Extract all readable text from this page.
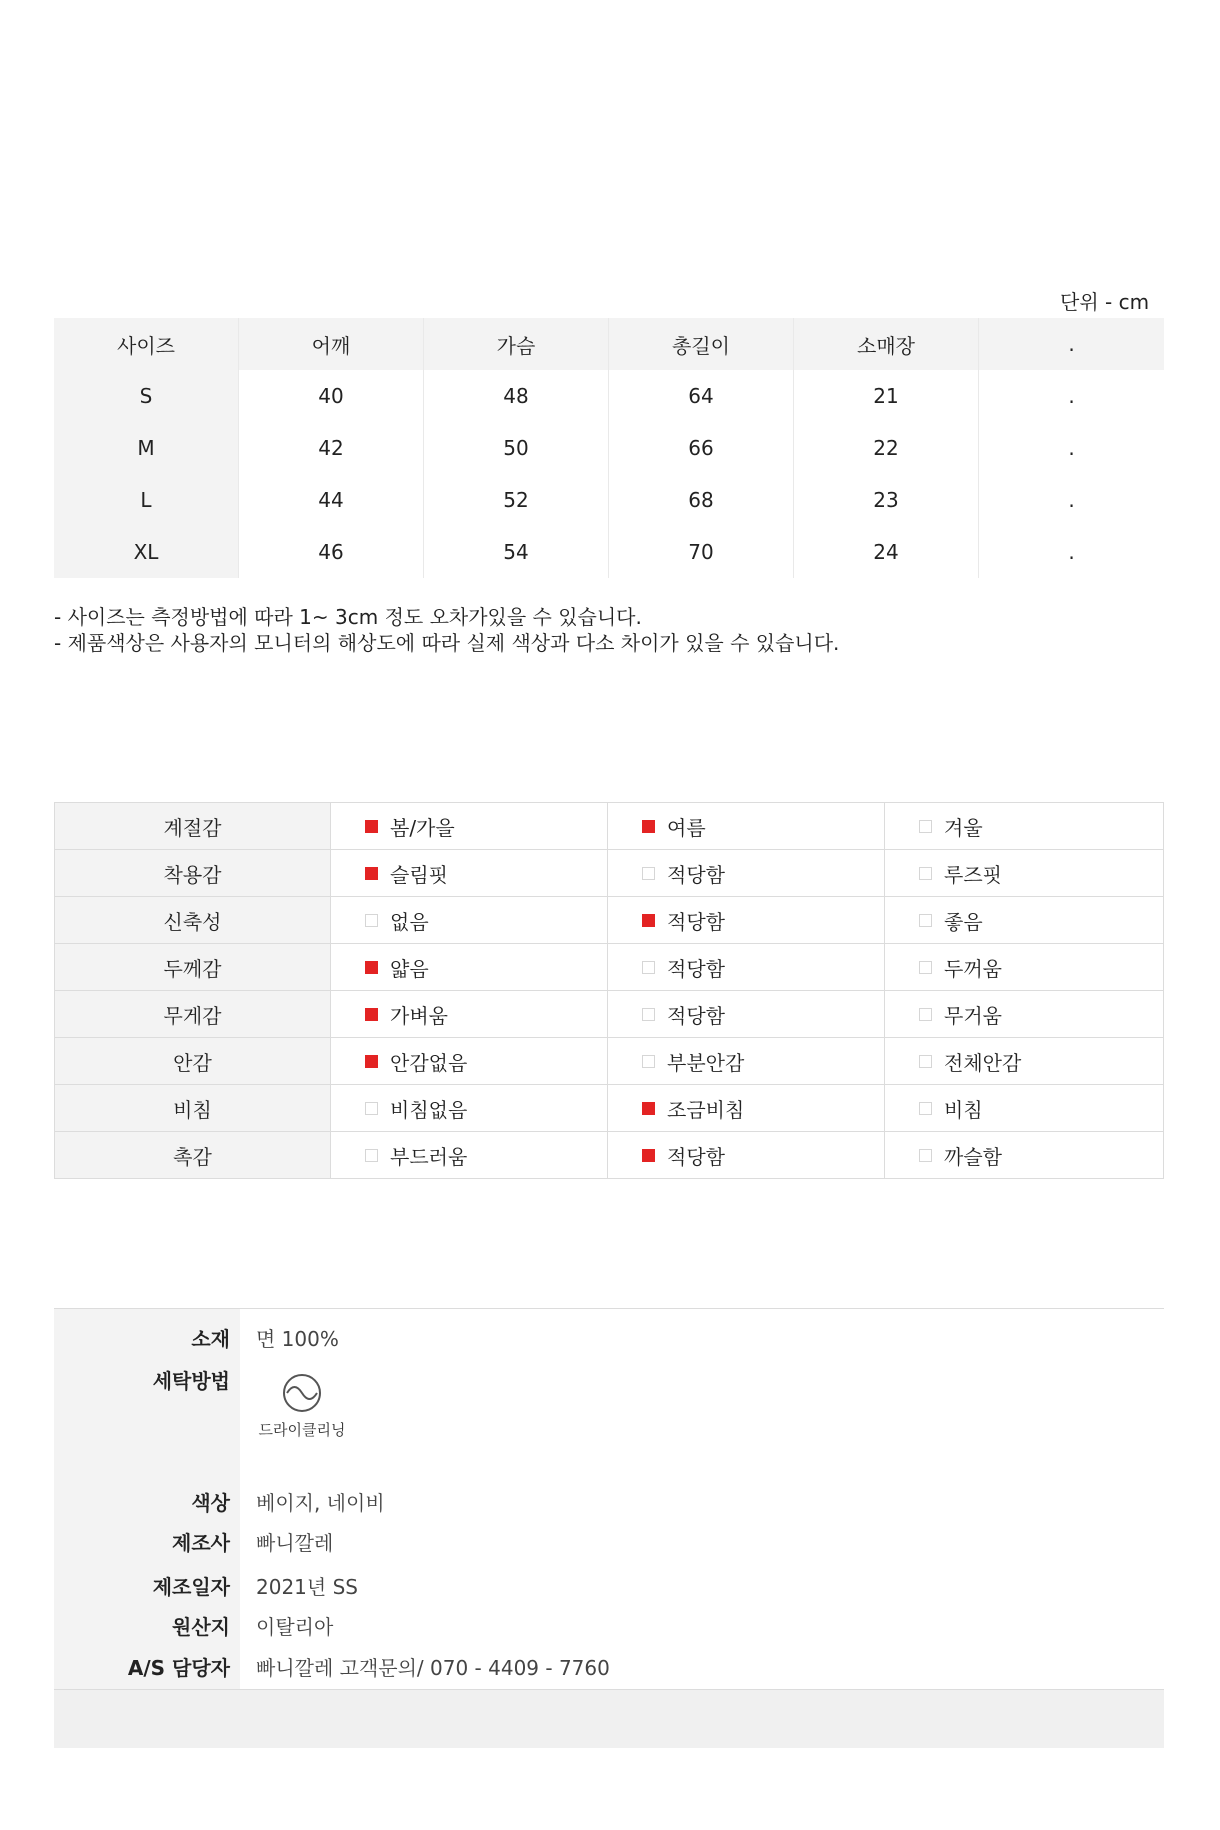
단위 - cm
사이즈	어깨	가슴	총길이	소매장	.
S	40	48	64	21	.
M	42	50	66	22	.
L	44	52	68	23	.
XL	46	54	70	24	.
- 사이즈는 측정방법에 따라 1~ 3cm 정도 오차가있을 수 있습니다.
- 제품색상은 사용자의 모니터의 해상도에 따라 실제 색상과 다소 차이가 있을 수 있습니다.
계절감	봄/가을	여름	겨울
착용감	슬림핏	적당함	루즈핏
신축성	없음	적당함	좋음
두께감	얇음	적당함	두꺼움
무게감	가벼움	적당함	무거움
안감	안감없음	부분안감	전체안감
비침	비침없음	조금비침	비침
촉감	부드러움	적당함	까슬함
소재 면 100%
세탁방법
드라이클리닝
색상 베이지, 네이비
제조사 빠니깔레
제조일자 2021년 SS
원산지 이탈리아
A/S 담당자 빠니깔레 고객문의/ 070 - 4409 - 7760
